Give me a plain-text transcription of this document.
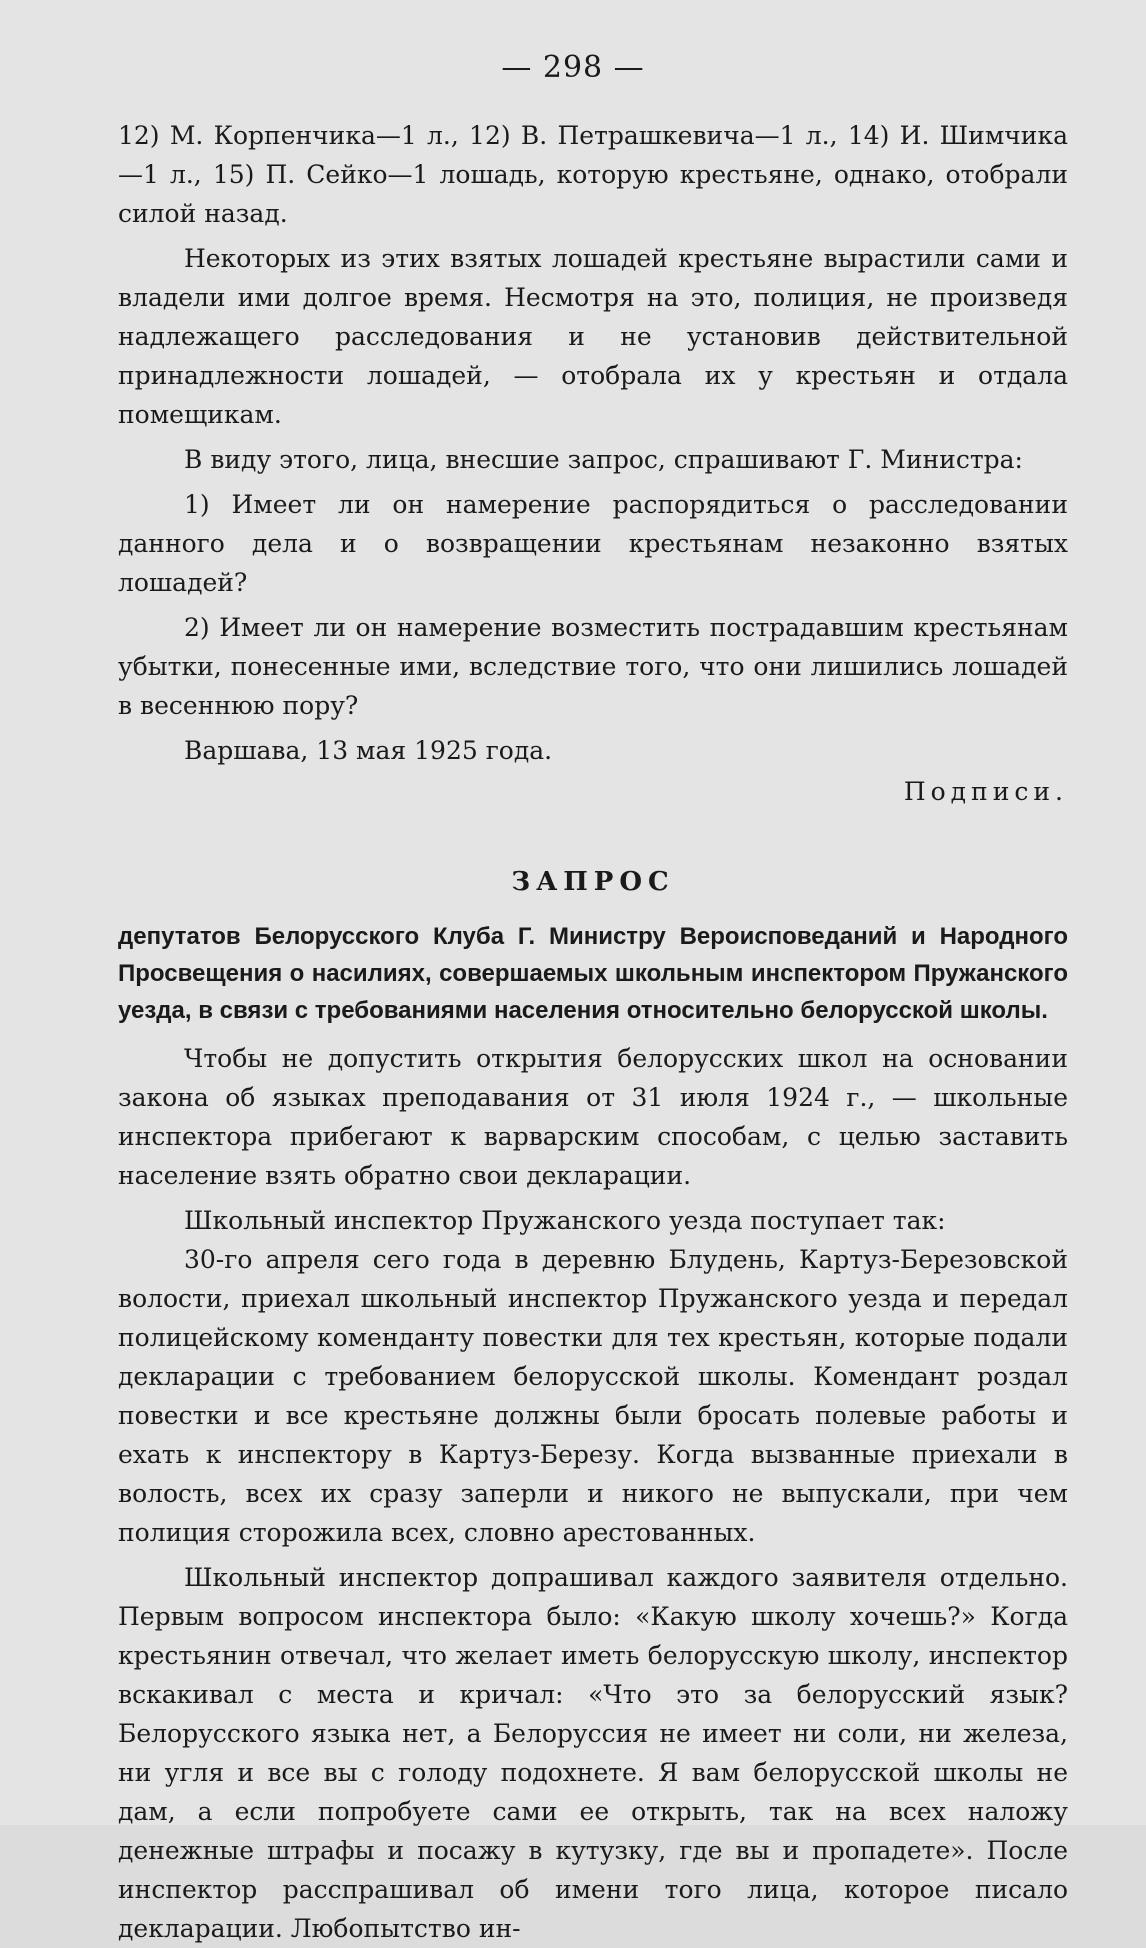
— 298 —

12) М. Корпенчика—1 л., 12) В. Петрашкевича—1 л., 14) И. Шимчика—1 л., 15) П. Сейко—1 лошадь, которую крестьяне, однако, отобрали силой назад.

Некоторых из этих взятых лошадей крестьяне вырастили сами и владели ими долгое время. Несмотря на это, полиция, не произведя надлежащего расследования и не установив действительной принадлежности лошадей, — отобрала их у крестьян и отдала помещикам.

В виду этого, лица, внесшие запрос, спрашивают Г. Министра:

1) Имеет ли он намерение распорядиться о расследовании данного дела и о возвращении крестьянам незаконно взятых лошадей?

2) Имеет ли он намерение возместить пострадавшим крестьянам убытки, понесенные ими, вследствие того, что они лишились лошадей в весеннюю пору?

Варшава, 13 мая 1925 года.

Подписи.

ЗАПРОС

депутатов Белорусского Клуба Г. Министру Вероисповеданий и Народного Просвещения о насилиях, совершаемых школьным инспектором Пружанского уезда, в связи с требованиями населения относительно белорусской школы.

Чтобы не допустить открытия белорусских школ на основании закона об языках преподавания от 31 июля 1924 г., — школьные инспектора прибегают к варварским способам, с целью заставить население взять обратно свои декларации.

Школьный инспектор Пружанского уезда поступает так:

30-го апреля сего года в деревню Блудень, Картуз-Березовской волости, приехал школьный инспектор Пружанского уезда и передал полицейскому коменданту повестки для тех крестьян, которые подали декларации с требованием белорусской школы. Комендант роздал повестки и все крестьяне должны были бросать полевые работы и ехать к инспектору в Картуз-Березу. Когда вызванные приехали в волость, всех их сразу заперли и никого не выпускали, при чем полиция сторожила всех, словно арестованных.

Школьный инспектор допрашивал каждого заявителя отдельно. Первым вопросом инспектора было: «Какую школу хочешь?» Когда крестьянин отвечал, что желает иметь белорусскую школу, инспектор вскакивал с места и кричал: «Что это за белорусский язык? Белорусского языка нет, а Белоруссия не имеет ни соли, ни железа, ни угля и все вы с голоду подохнете. Я вам белорусской школы не дам, а если попробуете сами ее открыть, так на всех наложу денежные штрафы и посажу в кутузку, где вы и пропадете». После инспектор расспрашивал об имени того лица, которое писало декларации. Любопытство ин-
